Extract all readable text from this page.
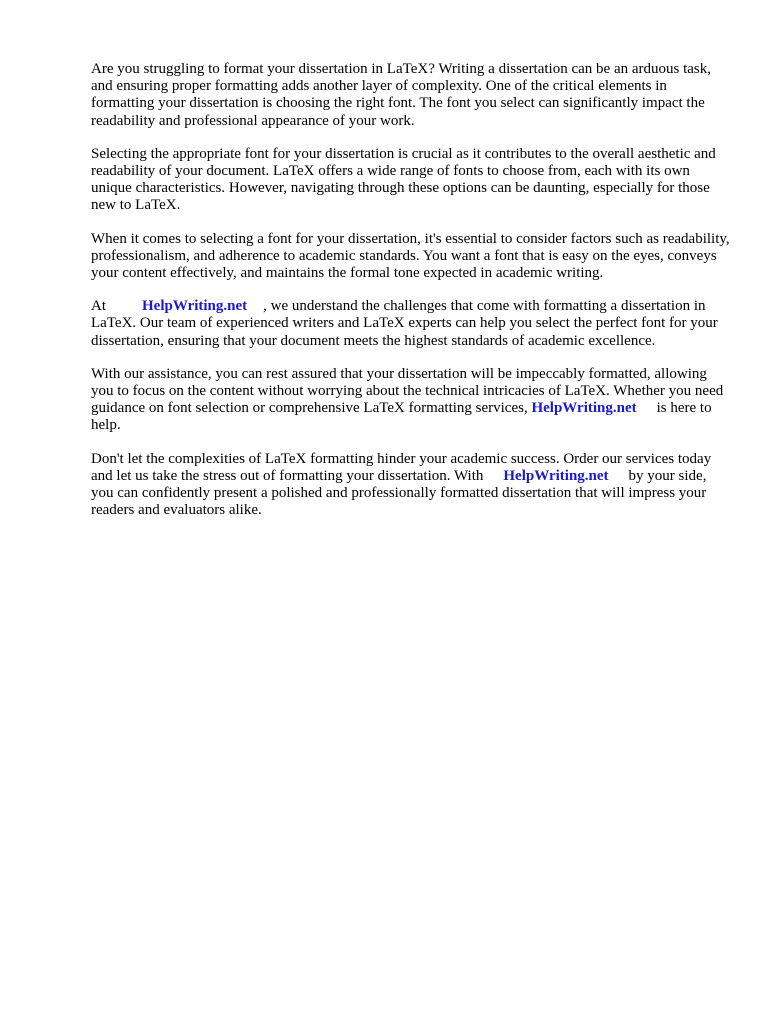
Are you struggling to format your dissertation in LaTeX? Writing a dissertation can be an arduous task, and ensuring proper formatting adds another layer of complexity. One of the critical elements in formatting your dissertation is choosing the right font. The font you select can significantly impact the readability and professional appearance of your work.

Selecting the appropriate font for your dissertation is crucial as it contributes to the overall aesthetic and readability of your document. LaTeX offers a wide range of fonts to choose from, each with its own unique characteristics. However, navigating through these options can be daunting, especially for those new to LaTeX.

When it comes to selecting a font for your dissertation, it's essential to consider factors such as readability, professionalism, and adherence to academic standards. You want a font that is easy on the eyes, conveys your content effectively, and maintains the formal tone expected in academic writing.

At HelpWriting.net , we understand the challenges that come with formatting a dissertation in LaTeX. Our team of experienced writers and LaTeX experts can help you select the perfect font for your dissertation, ensuring that your document meets the highest standards of academic excellence.

With our assistance, you can rest assured that your dissertation will be impeccably formatted, allowing you to focus on the content without worrying about the technical intricacies of LaTeX. Whether you need guidance on font selection or comprehensive LaTeX formatting services, HelpWriting.net is here to help.

Don't let the complexities of LaTeX formatting hinder your academic success. Order our services today and let us take the stress out of formatting your dissertation. With HelpWriting.net by your side, you can confidently present a polished and professionally formatted dissertation that will impress your readers and evaluators alike.
